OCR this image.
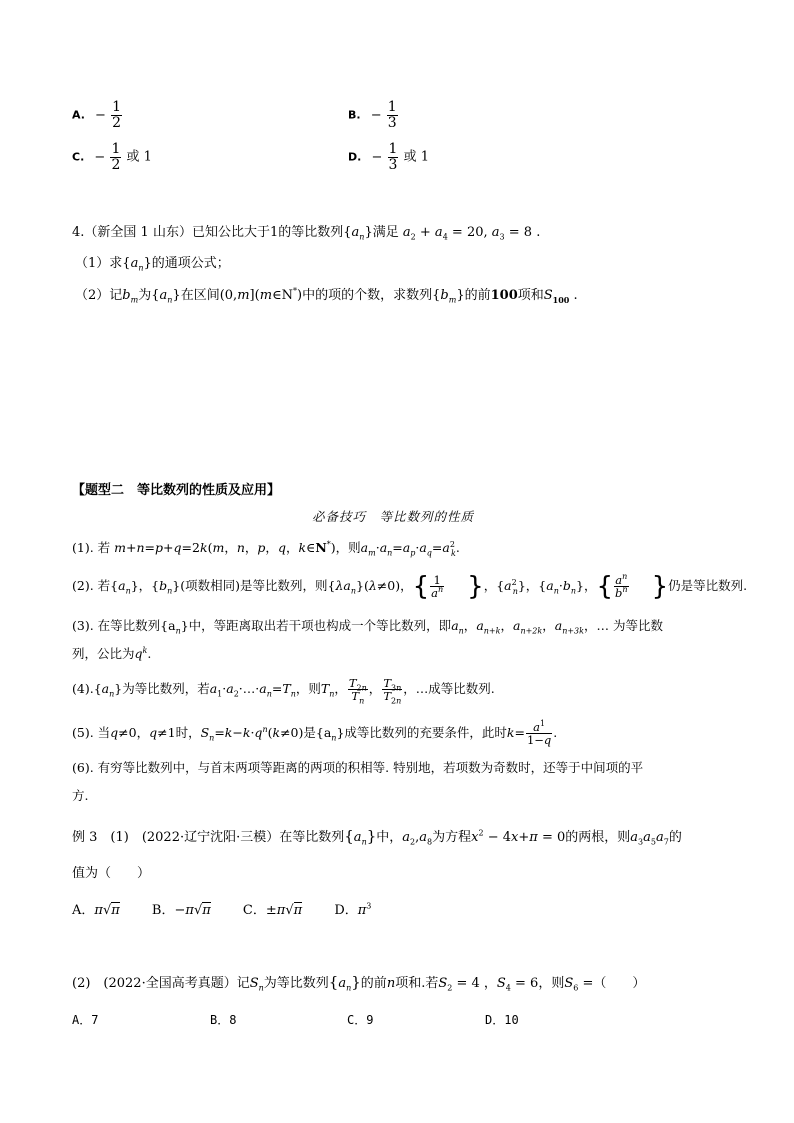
A. − $\frac{1}{2}$	B. − $\frac{1}{3}$
C. − $\frac{1}{2}$ 或 1	D. − $\frac{1}{3}$ 或 1
4.（新全国 1 山东）已知公比大于1的等比数列$\{a_n\}$满足 $a_2 + a_4 = 20$, $a_3 = 8$ .
（1）求$\{a_n\}$的通项公式；
（2）记$b_m$为$\{a_n\}$在区间(0,m](m∈N*)中的项的个数，求数列$\{b_m\}$的前100项和$S_{100}$ .
【题型二　等比数列的性质及应用】
必备技巧　等比数列的性质
(1). 若 m+n=p+q=2k(m，n，p，q，k∈N*)，则$a_m\cdot a_n=a_p\cdot a_q=a^2_k$.
(2). 若$\{a_n\}$，$\{b_n\}$(项数相同)是等比数列，则$\{\lambda a_n\}(\lambda\ne 0)$，{ $\frac{1}{a^n}$ }，$\{a^2_n\}$，$\{a_n\cdot b_n\}$，{ $\frac{a^n}{b^n}$ }仍是等比数列.
(3). 在等比数列$\{a_n\}$中，等距离取出若干项也构成一个等比数列，即$a_n$，$a_{n+k}$，$a_{n+2k}$，$a_{n+3k}$，… 为等比数
列，公比为$q^k$.
$(4).\{a_n\}$为等比数列，若$a_1\cdot a_2\cdot\dots\cdot a_n=T_n$，则$T_n$， $\frac{T_{2n}}{T_n}$ ， $\frac{T_{3n}}{T_{2n}}$ ，…成等比数列.
(5). 当q≠0，q≠1时，$S_n=k-k\cdot q^n(k\ne 0)$是$\{a_n\}$成等比数列的充要条件，此时$k= \frac{a^1}{1-q}$ .
(6). 有穷等比数列中，与首末两项等距离的两项的积相等. 特别地，若项数为奇数时，还等于中间项的平
方.
例 3　(1)　(2022·辽宁沈阳·三模）在等比数列$\{a_n\}$中，$a_2,a_8$为方程$x^2 - 4x+\pi = 0$的两根，则$a_3a_5a_7$的
值为（　　）
A．π√π B．−π√π C．±π√π D．$\pi^3$
(2)　(2022·全国高考真题）记$S_n$为等比数列$\{a_n\}$的前n项和.若$S_2 = 4$ ，$S_4 = 6$，则$S_6$ =（　　）
A．7	B．8	C．9	D．10
